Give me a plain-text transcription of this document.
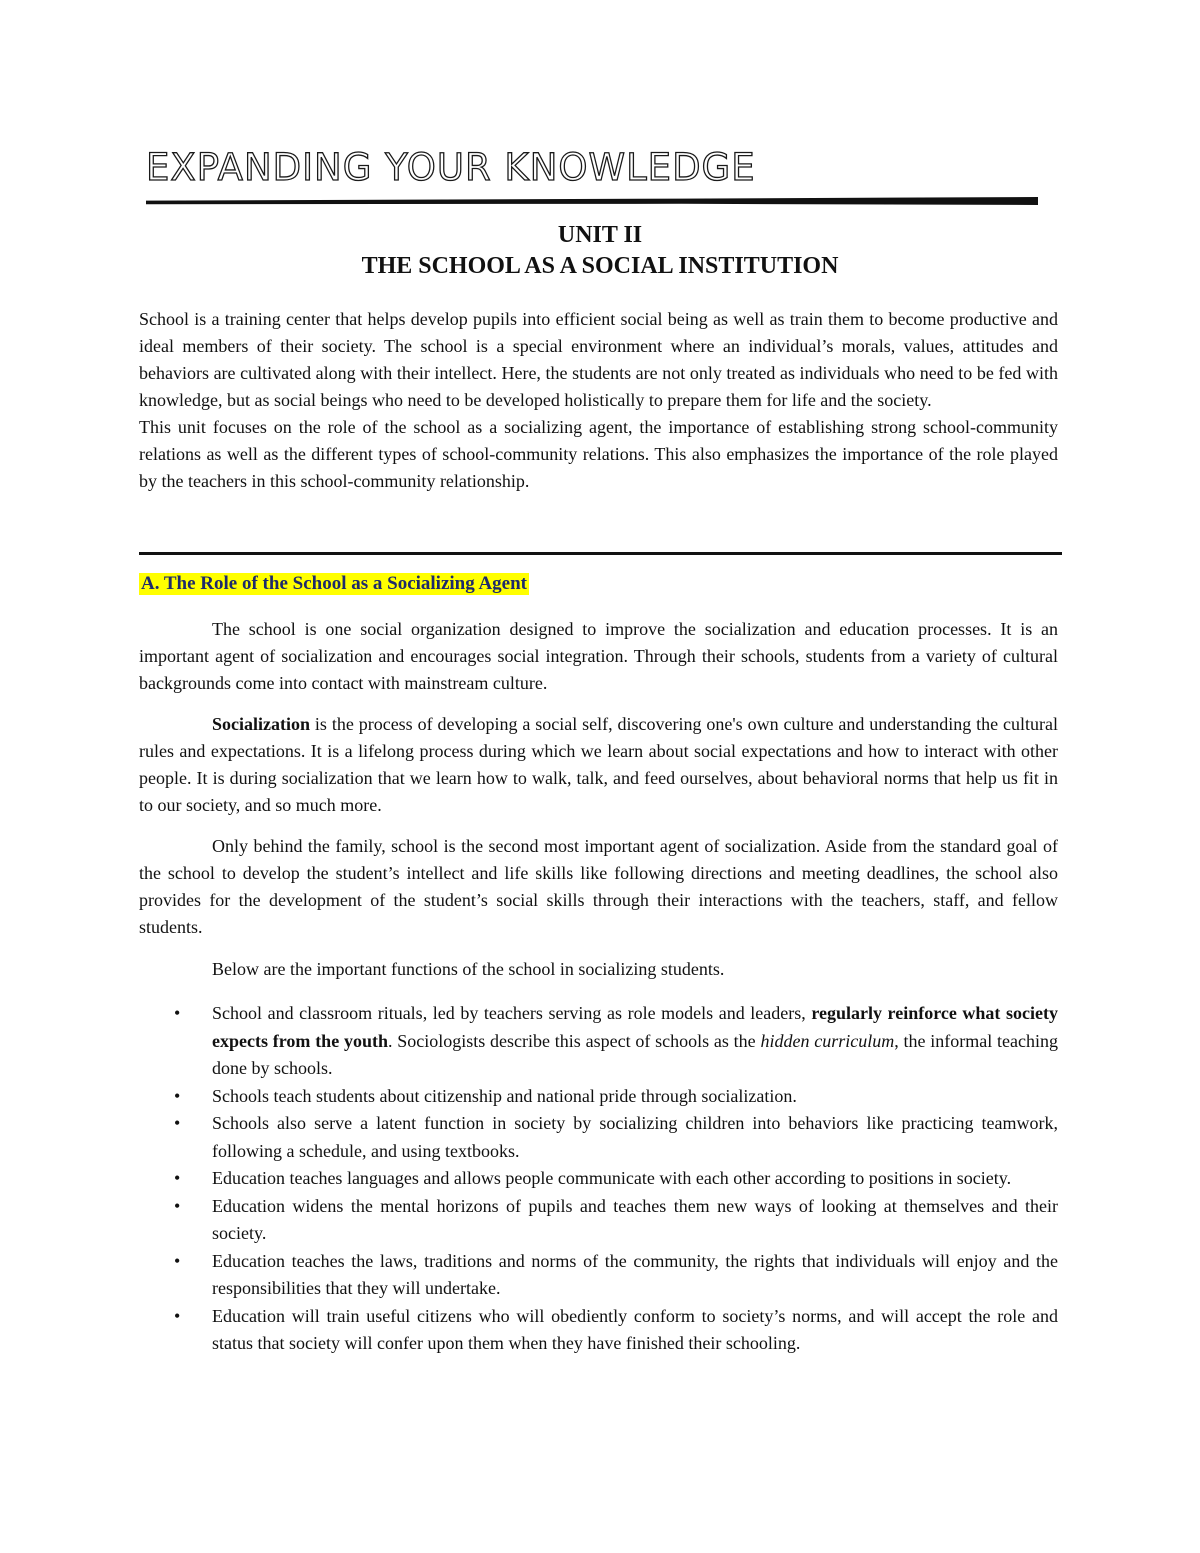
EXPANDING YOUR KNOWLEDGE
UNIT II
THE SCHOOL AS A SOCIAL INSTITUTION

School is a training center that helps develop pupils into efficient social being as well as train them to become productive and ideal members of their society. The school is a special environment where an individual’s morals, values, attitudes and behaviors are cultivated along with their intellect. Here, the students are not only treated as individuals who need to be fed with knowledge, but as social beings who need to be developed holistically to prepare them for life and the society.

This unit focuses on the role of the school as a socializing agent, the importance of establishing strong school-community relations as well as the different types of school-community relations. This also emphasizes the importance of the role played by the teachers in this school-community relationship.

A. The Role of the School as a Socializing Agent

The school is one social organization designed to improve the socialization and education processes. It is an important agent of socialization and encourages social integration. Through their schools, students from a variety of cultural backgrounds come into contact with mainstream culture.

Socialization is the process of developing a social self, discovering one's own culture and understanding the cultural rules and expectations. It is a lifelong process during which we learn about social expectations and how to interact with other people. It is during socialization that we learn how to walk, talk, and feed ourselves, about behavioral norms that help us fit in to our society, and so much more.

Only behind the family, school is the second most important agent of socialization. Aside from the standard goal of the school to develop the student’s intellect and life skills like following directions and meeting deadlines, the school also provides for the development of the student’s social skills through their interactions with the teachers, staff, and fellow students.

Below are the important functions of the school in socializing students.

• School and classroom rituals, led by teachers serving as role models and leaders, regularly reinforce what society expects from the youth. Sociologists describe this aspect of schools as the hidden curriculum, the informal teaching done by schools.
• Schools teach students about citizenship and national pride through socialization.
• Schools also serve a latent function in society by socializing children into behaviors like practicing teamwork, following a schedule, and using textbooks.
• Education teaches languages and allows people communicate with each other according to positions in society.
• Education widens the mental horizons of pupils and teaches them new ways of looking at themselves and their society.
• Education teaches the laws, traditions and norms of the community, the rights that individuals will enjoy and the responsibilities that they will undertake.
• Education will train useful citizens who will obediently conform to society’s norms, and will accept the role and status that society will confer upon them when they have finished their schooling.
